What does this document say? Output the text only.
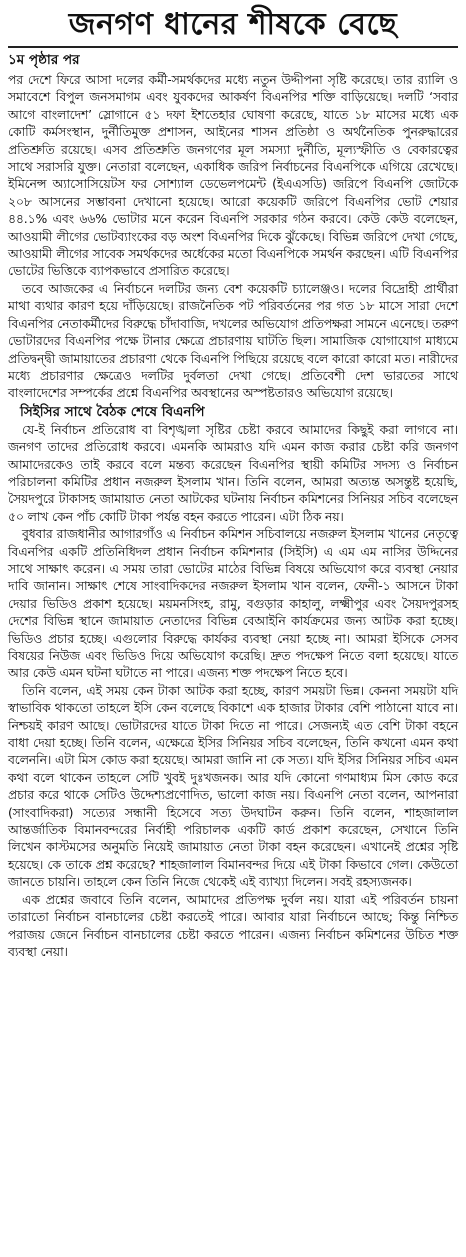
জনগণ ধানের শীষকে বেছে
১ম পৃষ্ঠার পর

পর দেশে ফিরে আসা দলের কর্মী-সমর্থকদের মধ্যে নতুন উদ্দীপনা সৃষ্টি করেছে। তার র‍্যালি ও সমাবেশে বিপুল জনসমাগম এবং যুবকদের আকর্ষণ বিএনপির শক্তি বাড়িয়েছে। দলটি ‘সবার আগে বাংলাদেশ’ স্লোগানে ৫১ দফা ইশতেহার ঘোষণা করেছে, যাতে ১৮ মাসের মধ্যে এক কোটি কর্মসংস্থান, দুর্নীতিমুক্ত প্রশাসন, আইনের শাসন প্রতিষ্ঠা ও অর্থনৈতিক পুনরুদ্ধারের প্রতিশ্রুতি রয়েছে। এসব প্রতিশ্রুতি জনগণের মূল সমস্যা দুর্নীতি, মূল্যস্ফীতি ও বেকারত্বের সাথে সরাসরি যুক্ত। নেতারা বলেছেন, একাধিক জরিপ নির্বাচনের বিএনপিকে এগিয়ে রেখেছে। ইমিনেন্স অ্যাসোসিয়েটস ফর সোশ্যাল ডেভেলপমেন্ট (ইএএসডি) জরিপে বিএনপি জোটকে ২০৮ আসনের সম্ভাবনা দেখানো হয়েছে। আরো কয়েকটি জরিপে বিএনপির ভোট শেয়ার ৪৪.১% এবং ৬৬% ভোটার মনে করেন বিএনপি সরকার গঠন করবে। কেউ কেউ বলেছেন, আওয়ামী লীগের ভোটব্যাংকের বড় অংশ বিএনপির দিকে ঝুঁকেছে। বিভিন্ন জরিপে দেখা গেছে, আওয়ামী লীগের সাবেক সমর্থকদের অর্ধেকের মতো বিএনপিকে সমর্থন করছেন। এটি বিএনপির ভোটের ভিত্তিকে ব্যাপকভাবে প্রসারিত করেছে।

তবে আজকের এ নির্বাচনে দলটির জন্য বেশ কয়েকটি চ্যালেঞ্জও। দলের বিদ্রোহী প্রার্থীরা মাথা ব্যথার কারণ হয়ে দাঁড়িয়েছে। রাজনৈতিক পট পরিবর্তনের পর গত ১৮ মাসে সারা দেশে বিএনপির নেতাকর্মীদের বিরুদ্ধে চাঁদাবাজি, দখলের অভিযোগ প্রতিপক্ষরা সামনে এনেছে। তরুণ ভোটারদের বিএনপির পক্ষে টানার ক্ষেত্রে প্রচারণায় ঘাটতি ছিল। সামাজিক যোগাযোগ মাধ্যমে প্রতিদ্বন্দ্বী জামায়াতের প্রচারণা থেকে বিএনপি পিছিয়ে রয়েছে বলে কারো কারো মত। নারীদের মধ্যে প্রচারণার ক্ষেত্রেও দলটির দুর্বলতা দেখা গেছে। প্রতিবেশী দেশ ভারতের সাথে বাংলাদেশের সম্পর্কের প্রশ্নে বিএনপির অবস্থানের অস্পষ্টতারও অভিযোগ রয়েছে।

সিইসির সাথে বৈঠক শেষে বিএনপি

যে-ই নির্বাচন প্রতিরোধ বা বিশৃঙ্খলা সৃষ্টির চেষ্টা করবে আমাদের কিছুই করা লাগবে না। জনগণ তাদের প্রতিরোধ করবে। এমনকি আমরাও যদি এমন কাজ করার চেষ্টা করি জনগণ আমাদেরকেও তাই করবে বলে মন্তব্য করেছেন বিএনপির স্থায়ী কমিটির সদস্য ও নির্বাচন পরিচালনা কমিটির প্রধান নজরুল ইসলাম খান। তিনি বলেন, আমরা অত্যন্ত অসন্তুষ্ট হয়েছি, সৈয়দপুরে টাকাসহ জামায়াত নেতা আটকের ঘটনায় নির্বাচন কমিশনের সিনিয়র সচিব বলেছেন ৫০ লাখ কেন পাঁচ কোটি টাকা পর্যন্ত বহন করতে পারেন। এটা ঠিক নয়।

বুধবার রাজধানীর আগারগাঁও এ নির্বাচন কমিশন সচিবালয়ে নজরুল ইসলাম খানের নেতৃত্বে বিএনপির একটি প্রতিনিধিদল প্রধান নির্বাচন কমিশনার (সিইসি) এ এম এম নাসির উদ্দিনের সাথে সাক্ষাৎ করেন। এ সময় তারা ভোটের মাঠের বিভিন্ন বিষয়ে অভিযোগ করে ব্যবস্থা নেয়ার দাবি জানান। সাক্ষাৎ শেষে সাংবাদিকদের নজরুল ইসলাম খান বলেন, ফেনী-১ আসনে টাকা দেয়ার ভিডিও প্রকাশ হয়েছে। ময়মনসিংহ, রামু, বগুড়ার কাহালু, লক্ষ্মীপুর এবং সৈয়দপুরসহ দেশের বিভিন্ন স্থানে জামায়াত নেতাদের বিভিন্ন বেআইনি কার্যক্রমের জন্য আটক করা হচ্ছে। ভিডিও প্রচার হচ্ছে। এগুলোর বিরুদ্ধে কার্যকর ব্যবস্থা নেয়া হচ্ছে না। আমরা ইসিকে সেসব বিষয়ের নিউজ এবং ভিডিও দিয়ে অভিযোগ করেছি। দ্রুত পদক্ষেপ নিতে বলা হয়েছে। যাতে আর কেউ এমন ঘটনা ঘটাতে না পারে। এজন্য শক্ত পদক্ষেপ নিতে হবে।

তিনি বলেন, এই সময় কেন টাকা আটক করা হচ্ছে, কারণ সময়টা ভিন্ন। কেননা সময়টা যদি স্বাভাবিক থাকতো তাহলে ইসি কেন বলেছে বিকাশে এক হাজার টাকার বেশি পাঠানো যাবে না। নিশ্চয়ই কারণ আছে। ভোটারদের যাতে টাকা দিতে না পারে। সেজন্যই এত বেশি টাকা বহনে বাধা দেয়া হচ্ছে। তিনি বলেন, এক্ষেত্রে ইসির সিনিয়র সচিব বলেছেন, তিনি কখনো এমন কথা বলেননি। এটা মিস কোড করা হয়েছে। আমরা জানি না কে সত্য। যদি ইসির সিনিয়র সচিব এমন কথা বলে থাকেন তাহলে সেটি খুবই দুঃখজনক। আর যদি কোনো গণমাধ্যম মিস কোড করে প্রচার করে থাকে সেটিও উদ্দেশ্যপ্রণোদিত, ভালো কাজ নয়। বিএনপি নেতা বলেন, আপনারা (সাংবাদিকরা) সত্যের সন্ধানী হিসেবে সত্য উদঘাটন করুন। তিনি বলেন, শাহজালাল আন্তর্জাতিক বিমানবন্দরের নির্বাহী পরিচালক একটি কার্ড প্রকাশ করেছেন, সেখানে তিনি লিখেন কাস্টমসের অনুমতি নিয়েই জামায়াত নেতা টাকা বহন করেছেন। এখানেই প্রশ্নের সৃষ্টি হয়েছে। কে তাকে প্রশ্ন করেছে? শাহজালাল বিমানবন্দর দিয়ে এই টাকা কিভাবে গেল। কেউতো জানতে চায়নি। তাহলে কেন তিনি নিজে থেকেই এই ব্যাখ্যা দিলেন। সবই রহস্যজনক।

এক প্রশ্নের জবাবে তিনি বলেন, আমাদের প্রতিপক্ষ দুর্বল নয়। যারা এই পরিবর্তন চায়না তারাতো নির্বাচন বানচালের চেষ্টা করতেই পারে। আবার যারা নির্বাচনে আছে; কিন্তু নিশ্চিত পরাজয় জেনে নির্বাচন বানচালের চেষ্টা করতে পারেন। এজন্য নির্বাচন কমিশনের উচিত শক্ত ব্যবস্থা নেয়া।
